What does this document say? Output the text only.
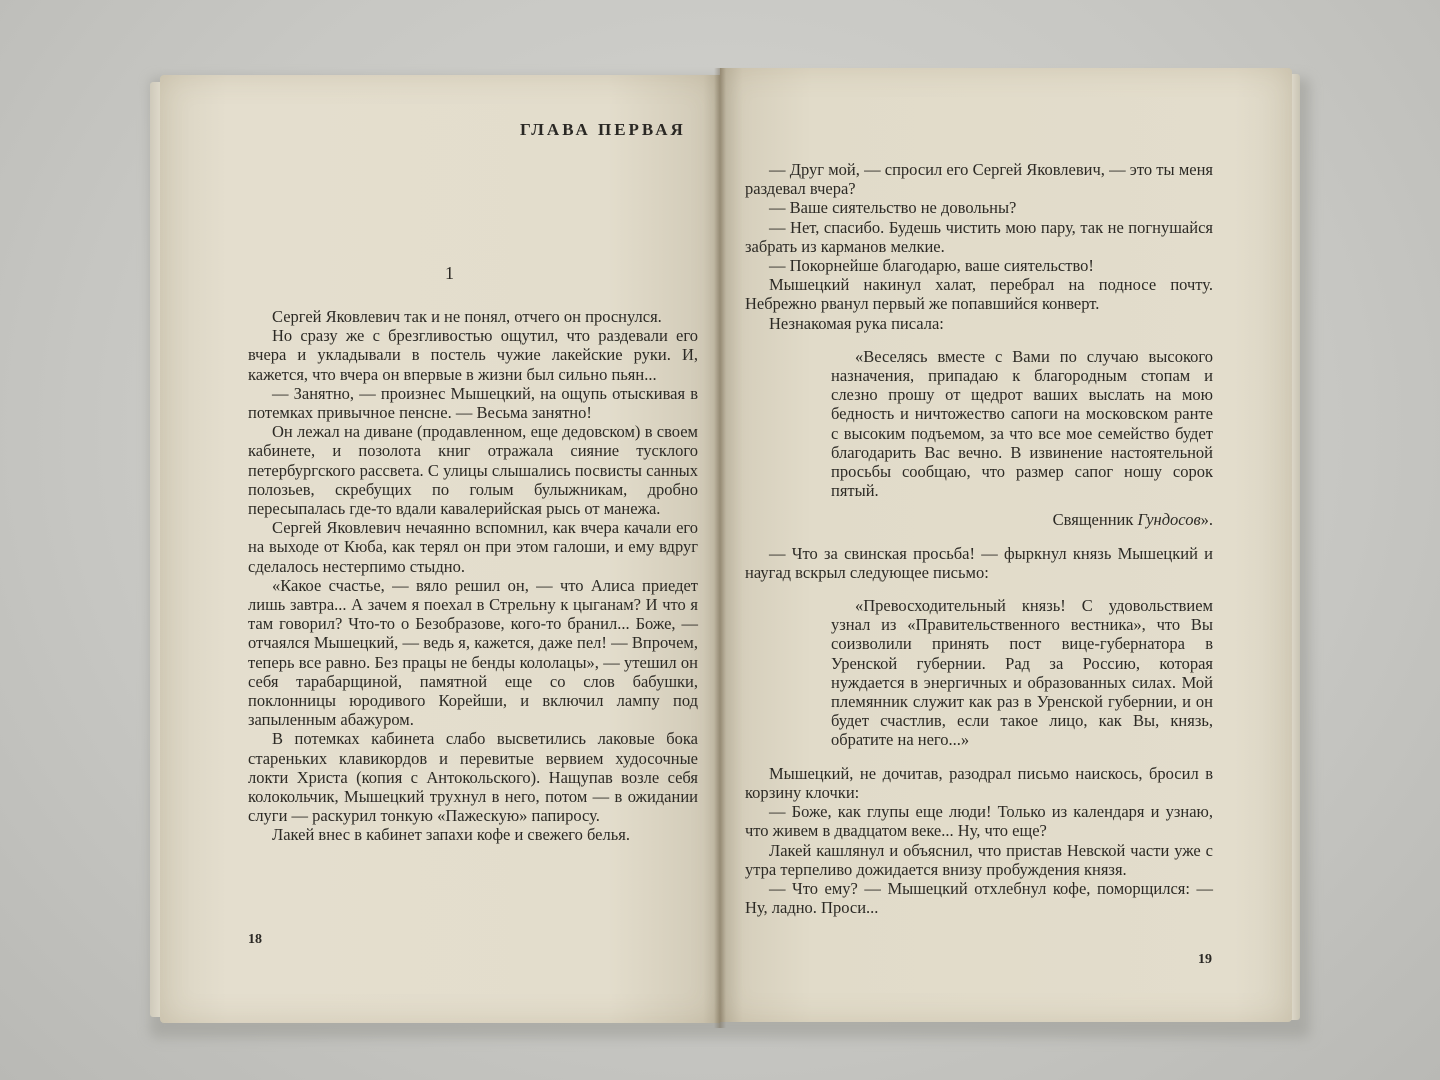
ГЛАВА ПЕРВАЯ
1

Сергей Яковлевич так и не понял, отчего он проснулся.

Но сразу же с брезгливостью ощутил, что раздевали его вчера и укладывали в постель чужие лакейские руки. И, кажется, что вчера он впервые в жизни был сильно пьян...

— Занятно, — произнес Мышецкий, на ощупь отыскивая в потемках привычное пенсне. — Весьма занятно!

Он лежал на диване (продавленном, еще дедовском) в своем кабинете, и позолота книг отражала сияние тусклого петербургского рассвета. С улицы слышались посвисты санных полозьев, скребущих по голым булыжникам, дробно пересыпалась где-то вдали кавалерийская рысь от манежа.

Сергей Яковлевич нечаянно вспомнил, как вчера качали его на выходе от Кюба, как терял он при этом галоши, и ему вдруг сделалось нестерпимо стыдно.

«Какое счастье, — вяло решил он, — что Алиса приедет лишь завтра... А зачем я поехал в Стрельну к цыганам? И что я там говорил? Что-то о Безобразове, кого-то бранил... Боже, — отчаялся Мышецкий, — ведь я, кажется, даже пел! — Впрочем, теперь все равно. Без працы не бенды кололацы», — утешил он себя тарабарщиной, памятной еще со слов бабушки, поклонницы юродивого Корейши, и включил лампу под запыленным абажуром.

В потемках кабинета слабо высветились лаковые бока старенькиx клавикордов и перевитые вервием худосочные локти Христа (копия с Антокольского). Нащупав возле себя колокольчик, Мышецкий трухнул в него, потом — в ожидании слуги — раскурил тонкую «Пажескую» папиросу.

Лакей внес в кабинет запахи кофе и свежего белья.

18

— Друг мой, — спросил его Сергей Яковлевич, — это ты меня раздевал вчера?

— Ваше сиятельство не довольны?

— Нет, спасибо. Будешь чистить мою пару, так не погнушайся забрать из карманов мелкие.

— Покорнейше благодарю, ваше сиятельство!

Мышецкий накинул халат, перебрал на подносе почту. Небрежно рванул первый же попавшийся конверт.

Незнакомая рука писала:

«Веселясь вместе с Вами по случаю высокого назначения, припадаю к благородным стопам и слезно прошу от щедрот ваших выслать на мою бедность и ничтожество сапоги на московском ранте с высоким подъемом, за что все мое семейство будет благодарить Вас вечно. В извинение настоятельной просьбы сообщаю, что размер сапог ношу сорок пятый.

Священник Гундосов».

— Что за свинская просьба! — фыркнул князь Мышецкий и наугад вскрыл следующее письмо:

«Превосходительный князь! С удовольствием узнал из «Правительственного вестника», что Вы соизволили принять пост вице-губернатора в Уренской губернии. Рад за Россию, которая нуждается в энергичных и образованных силах. Мой племянник служит как раз в Уренской губернии, и он будет счастлив, если такое лицо, как Вы, князь, обратите на него...»

Мышецкий, не дочитав, разодрал письмо наискось, бросил в корзину клочки:

— Боже, как глупы еще люди! Только из календаря и узнаю, что живем в двадцатом веке... Ну, что еще?

Лакей кашлянул и объяснил, что пристав Невской части уже с утра терпеливо дожидается внизу пробуждения князя.

— Что ему? — Мышецкий отхлебнул кофе, поморщился: — Ну, ладно. Проси...

19
